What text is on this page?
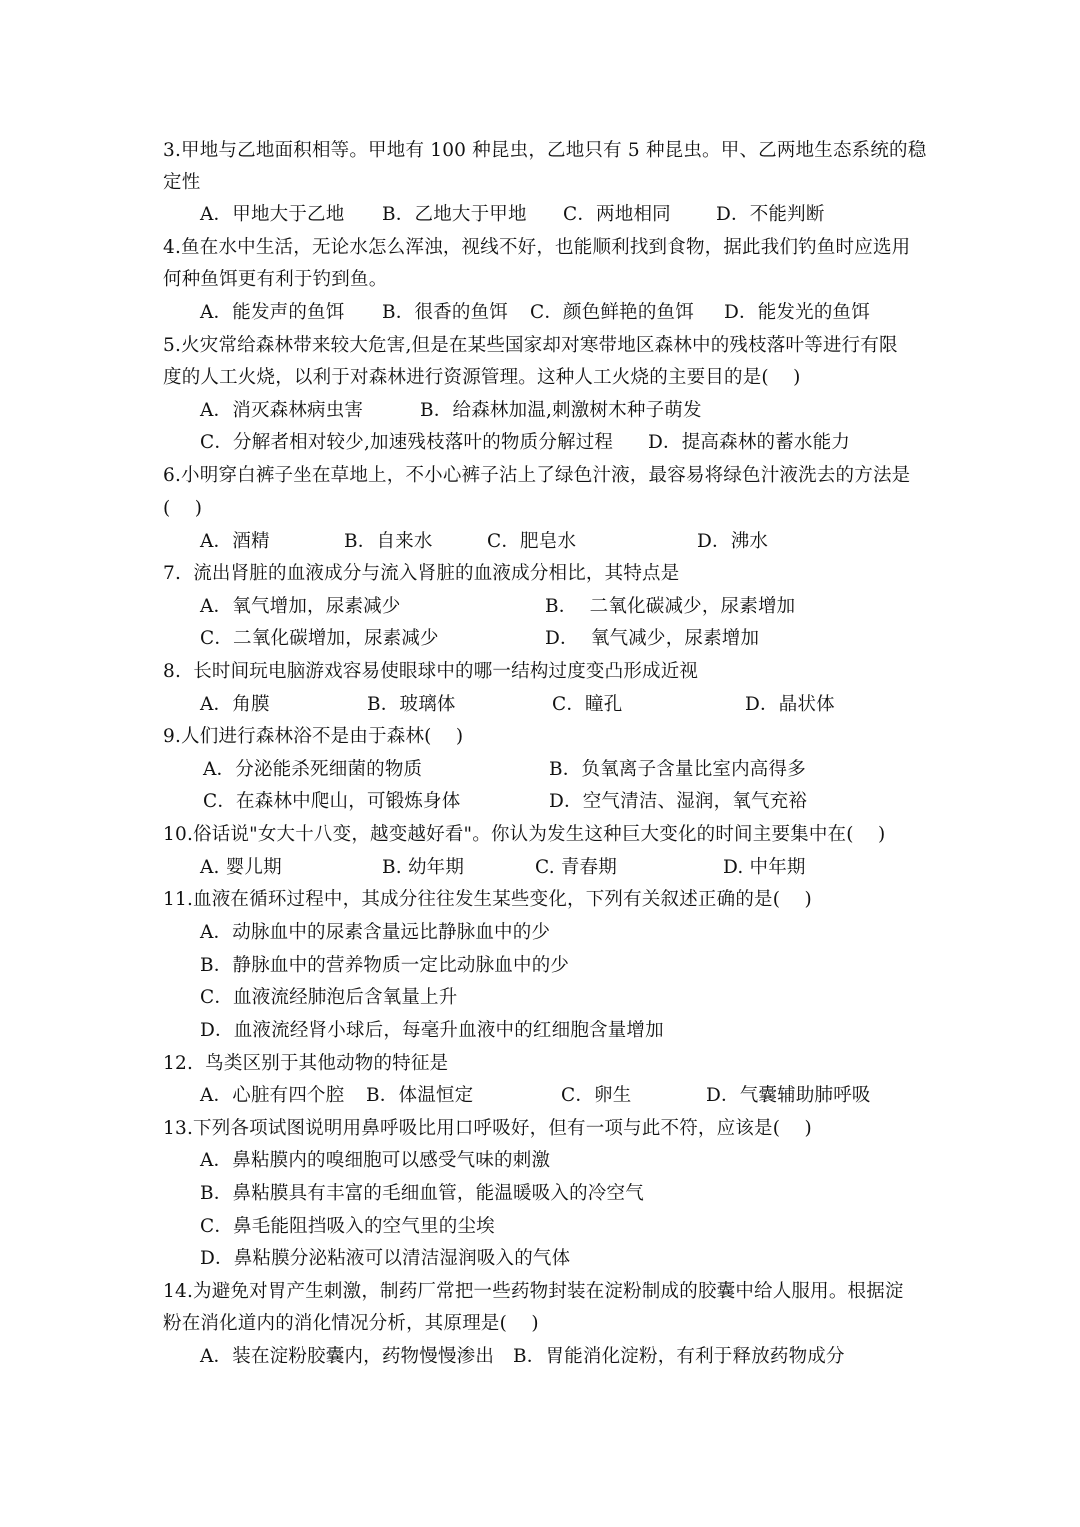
3.甲地与乙地面积相等。甲地有 100 种昆虫，乙地只有 5 种昆虫。甲、乙两地生态系统的稳
定性
A．甲地大于乙地 B．乙地大于甲地 C．两地相同 D．不能判断
4.鱼在水中生活，无论水怎么浑浊，视线不好，也能顺利找到食物，据此我们钓鱼时应选用
何种鱼饵更有利于钓到鱼。
A．能发声的鱼饵 B．很香的鱼饵 C．颜色鲜艳的鱼饵 D．能发光的鱼饵
5.火灾常给森林带来较大危害,但是在某些国家却对寒带地区森林中的残枝落叶等进行有限
度的人工火烧，以利于对森林进行资源管理。这种人工火烧的主要目的是(    )
A．消灭森林病虫害	B．给森林加温,刺激树木种子萌发
C．分解者相对较少,加速残枝落叶的物质分解过程 D．提高森林的蓄水能力
6.小明穿白裤子坐在草地上，不小心裤子沾上了绿色汁液，最容易将绿色汁液洗去的方法是
(    )
A．酒精	B．自来水	C．肥皂水	D．沸水
7.  流出肾脏的血液成分与流入肾脏的血液成分相比，其特点是
A．氧气增加，尿素减少	B．  二氧化碳减少，尿素增加
C．二氧化碳增加，尿素减少	D．  氧气减少，尿素增加
8.  长时间玩电脑游戏容易使眼球中的哪一结构过度变凸形成近视
A．角膜	B．玻璃体	C．瞳孔	D．晶状体
9.人们进行森林浴不是由于森林(    )
A．分泌能杀死细菌的物质	B．负氧离子含量比室内高得多
C．在森林中爬山，可锻炼身体	D．空气清洁、湿润，氧气充裕
10.俗话说"女大十八变，越变越好看"。你认为发生这种巨大变化的时间主要集中在(    )
A. 婴儿期	B. 幼年期	C. 青春期	D. 中年期
11.血液在循环过程中，其成分往往发生某些变化，下列有关叙述正确的是(    )
A．动脉血中的尿素含量远比静脉血中的少
B．静脉血中的营养物质一定比动脉血中的少
C．血液流经肺泡后含氧量上升
D．血液流经肾小球后，每毫升血液中的红细胞含量增加
12.  鸟类区别于其他动物的特征是
A．心脏有四个腔 B．体温恒定	C．卵生	D．气囊辅助肺呼吸
13.下列各项试图说明用鼻呼吸比用口呼吸好，但有一项与此不符，应该是(    )
A．鼻粘膜内的嗅细胞可以感受气味的刺激
B．鼻粘膜具有丰富的毛细血管，能温暖吸入的冷空气
C．鼻毛能阻挡吸入的空气里的尘埃
D．鼻粘膜分泌粘液可以清洁湿润吸入的气体
14.为避免对胃产生刺激，制药厂常把一些药物封装在淀粉制成的胶囊中给人服用。根据淀
粉在消化道内的消化情况分析，其原理是(    )
A．装在淀粉胶囊内，药物慢慢渗出 B．胃能消化淀粉，有利于释放药物成分
